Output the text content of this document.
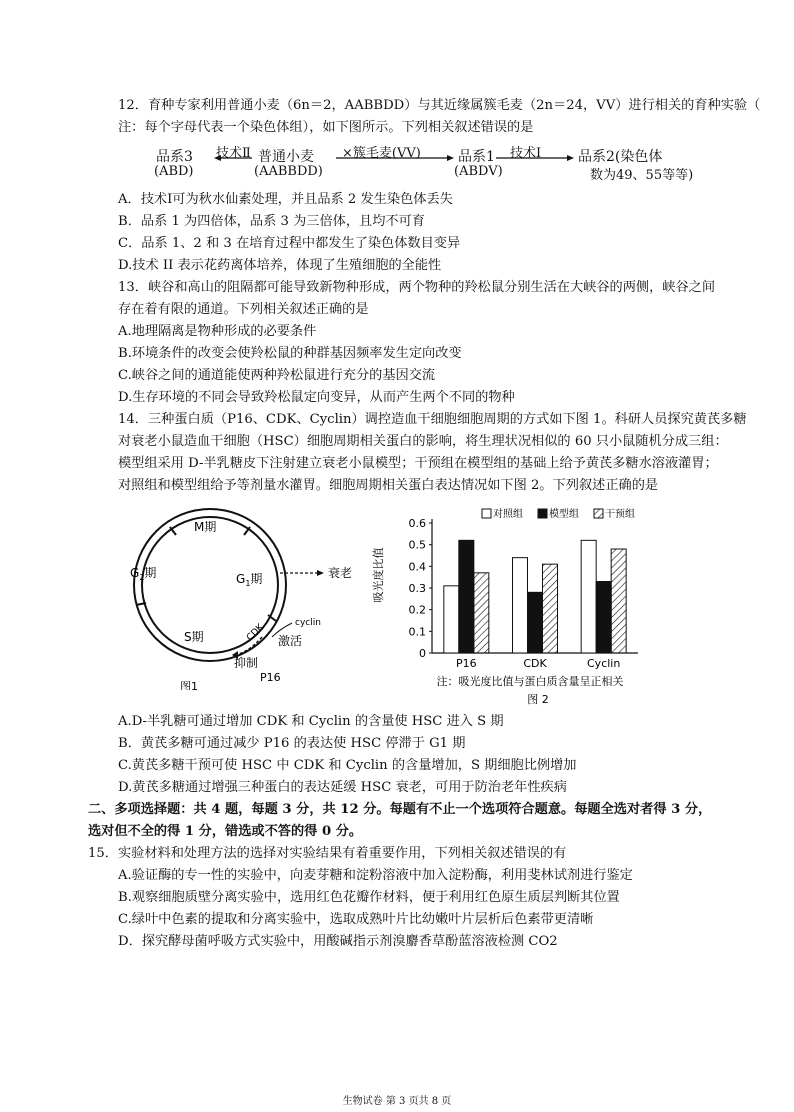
12．育种专家利用普通小麦（6n＝2，AABBDD）与其近缘属簇毛麦（2n＝24，VV）进行相关的育种实验（
注：每个字母代表一个染色体组），如下图所示。下列相关叙述错误的是
品系3
(ABD)
技术Ⅱ 普通小麦
(AABBDD)
×簇毛麦(VV)	品系1
(ABDV)
技术Ⅰ	品系2(染色体
数为49、55等等)
A．技术Ⅰ可为秋水仙素处理，并且品系 2 发生染色体丢失
B．品系 1 为四倍体，品系 3 为三倍体，且均不可育
C．品系 1、2 和 3 在培育过程中都发生了染色体数目变异
D.技术 II 表示花药离体培养，体现了生殖细胞的全能性
13．峡谷和高山的阻隔都可能导致新物种形成，两个物种的羚松鼠分别生活在大峡谷的两侧，峡谷之间
存在着有限的通道。下列相关叙述正确的是
A.地理隔离是物种形成的必要条件
B.环境条件的改变会使羚松鼠的种群基因频率发生定向改变
C.峡谷之间的通道能使两种羚松鼠进行充分的基因交流
D.生存环境的不同会导致羚松鼠定向变异，从而产生两个不同的物种
14．三种蛋白质（P16、CDK、Cyclin）调控造血干细胞细胞周期的方式如下图 1。科研人员探究黄芪多糖
对衰老小鼠造血干细胞（HSC）细胞周期相关蛋白的影响，将生理状况相似的 60 只小鼠随机分成三组：
模型组采用 D-半乳糖皮下注射建立衰老小鼠模型；干预组在模型组的基础上给予黄芪多糖水溶液灌胃；
对照组和模型组给予等剂量水灌胃。细胞周期相关蛋白表达情况如下图 2。下列叙述正确的是
M期
$G_2$期	$G_1$期
S期
衰老
cyclin
CDK 激活
抑制
P16
图1
0
0.1
0.2
0.3
0.4
0.5
0.6
P16	CDK	Cyclin
对照组	模型组	干预组
吸光度比值
注：吸光度比值与蛋白质含量呈正相关
图 2
A.D-半乳糖可通过增加 CDK 和 Cyclin 的含量使 HSC 进入 S 期
B．黄芪多糖可通过减少 P16 的表达使 HSC 停滞于 G1 期
C.黄芪多糖干预可使 HSC 中 CDK 和 Cyclin 的含量增加，S 期细胞比例增加
D.黄芪多糖通过增强三种蛋白的表达延缓 HSC 衰老，可用于防治老年性疾病
二、多项选择题：共 4 题，每题 3 分，共 12 分。每题有不止一个选项符合题意。每题全选对者得 3 分，
选对但不全的得 1 分，错选或不答的得 0 分。
15．实验材料和处理方法的选择对实验结果有着重要作用，下列相关叙述错误的有
A.验证酶的专一性的实验中，向麦芽糖和淀粉溶液中加入淀粉酶，利用斐林试剂进行鉴定
B.观察细胞质壁分离实验中，选用红色花瓣作材料，便于利用红色原生质层判断其位置
C.绿叶中色素的提取和分离实验中，选取成熟叶片比幼嫩叶片层析后色素带更清晰
D．探究酵母菌呼吸方式实验中，用酸碱指示剂溴麝香草酚蓝溶液检测 CO2
生物试卷 第 3 页共 8 页
